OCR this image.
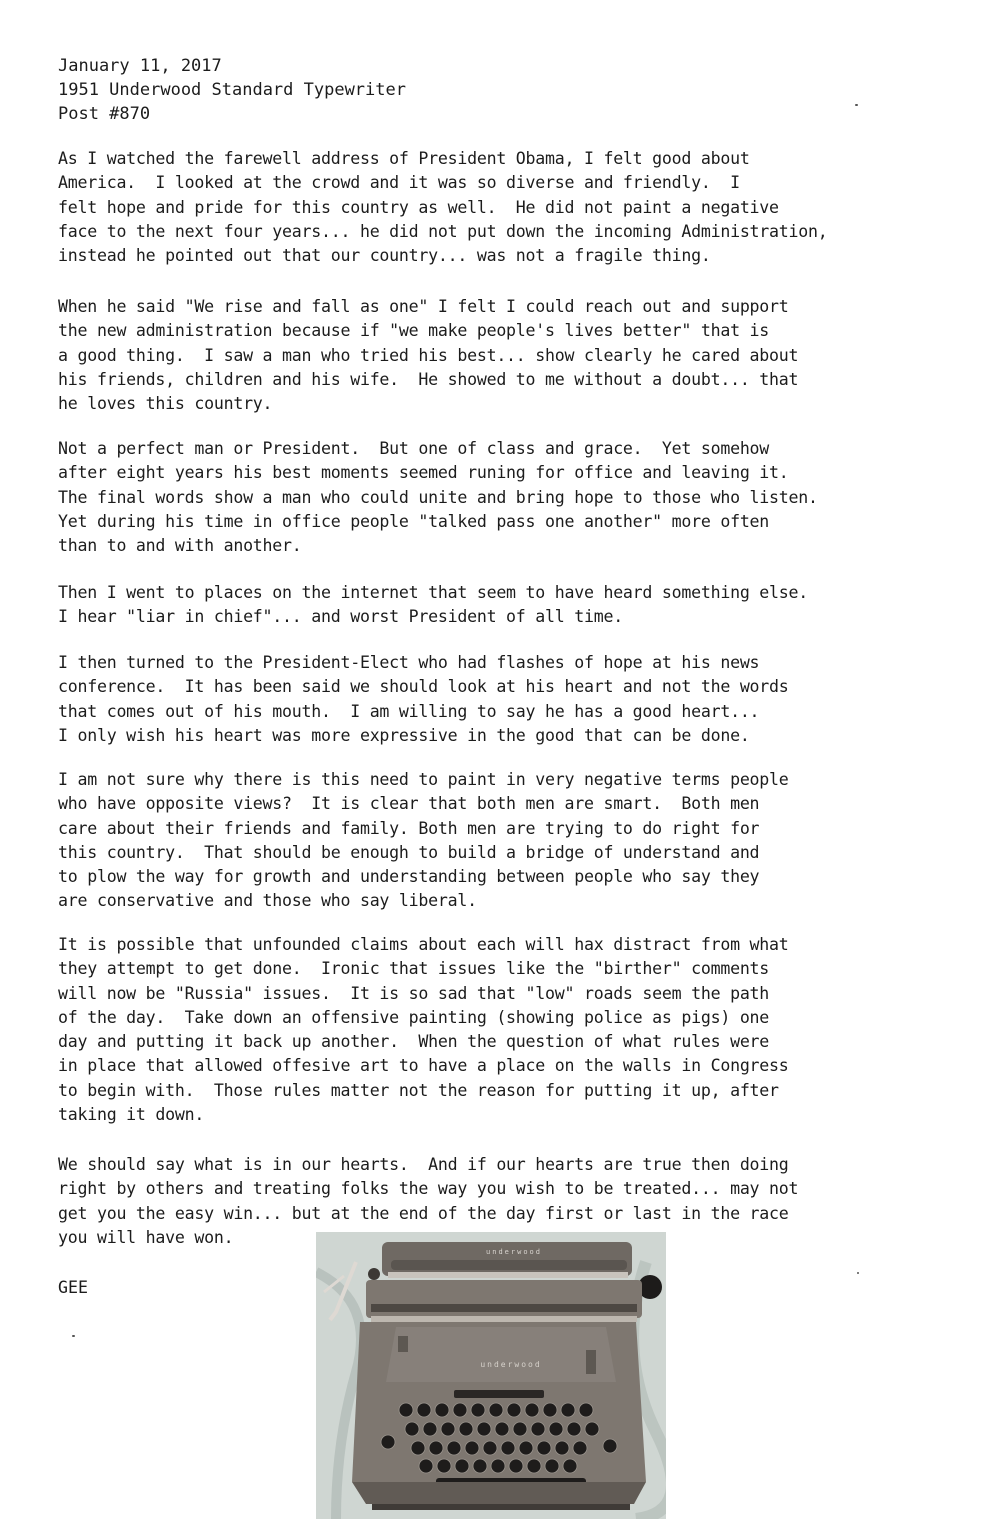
January 11, 2017
1951 Underwood Standard Typewriter
Post #870
As I watched the farewell address of President Obama, I felt good about
America.  I looked at the crowd and it was so diverse and friendly.  I
felt hope and pride for this country as well.  He did not paint a negative
face to the next four years... he did not put down the incoming Administration,
instead he pointed out that our country... was not a fragile thing.
When he said "We rise and fall as one" I felt I could reach out and support
the new administration because if "we make people's lives better" that is
a good thing.  I saw a man who tried his best... show clearly he cared about
his friends, children and his wife.  He showed to me without a doubt... that
he loves this country.
Not a perfect man or President.  But one of class and grace.  Yet somehow
after eight years his best moments seemed runing for office and leaving it.
The final words show a man who could unite and bring hope to those who listen.
Yet during his time in office people "talked pass one another" more often
than to and with another.
Then I went to places on the internet that seem to have heard something else.
I hear "liar in chief"... and worst President of all time.
I then turned to the President-Elect who had flashes of hope at his news
conference.  It has been said we should look at his heart and not the words
that comes out of his mouth.  I am willing to say he has a good heart...
I only wish his heart was more expressive in the good that can be done.
I am not sure why there is this need to paint in very negative terms people
who have opposite views?  It is clear that both men are smart.  Both men
care about their friends and family. Both men are trying to do right for
this country.  That should be enough to build a bridge of understand and
to plow the way for growth and understanding between people who say they
are conservative and those who say liberal.
It is possible that unfounded claims about each will hax distract from what
they attempt to get done.  Ironic that issues like the "birther" comments
will now be "Russia" issues.  It is so sad that "low" roads seem the path
of the day.  Take down an offensive painting (showing police as pigs) one
day and putting it back up another.  When the question of what rules were
in place that allowed offesive art to have a place on the walls in Congress
to begin with.  Those rules matter not the reason for putting it up, after
taking it down.
We should say what is in our hearts.  And if our hearts are true then doing
right by others and treating folks the way you wish to be treated... may not
get you the easy win... but at the end of the day first or last in the race
you will have won.
GEE
underwood
underwood
